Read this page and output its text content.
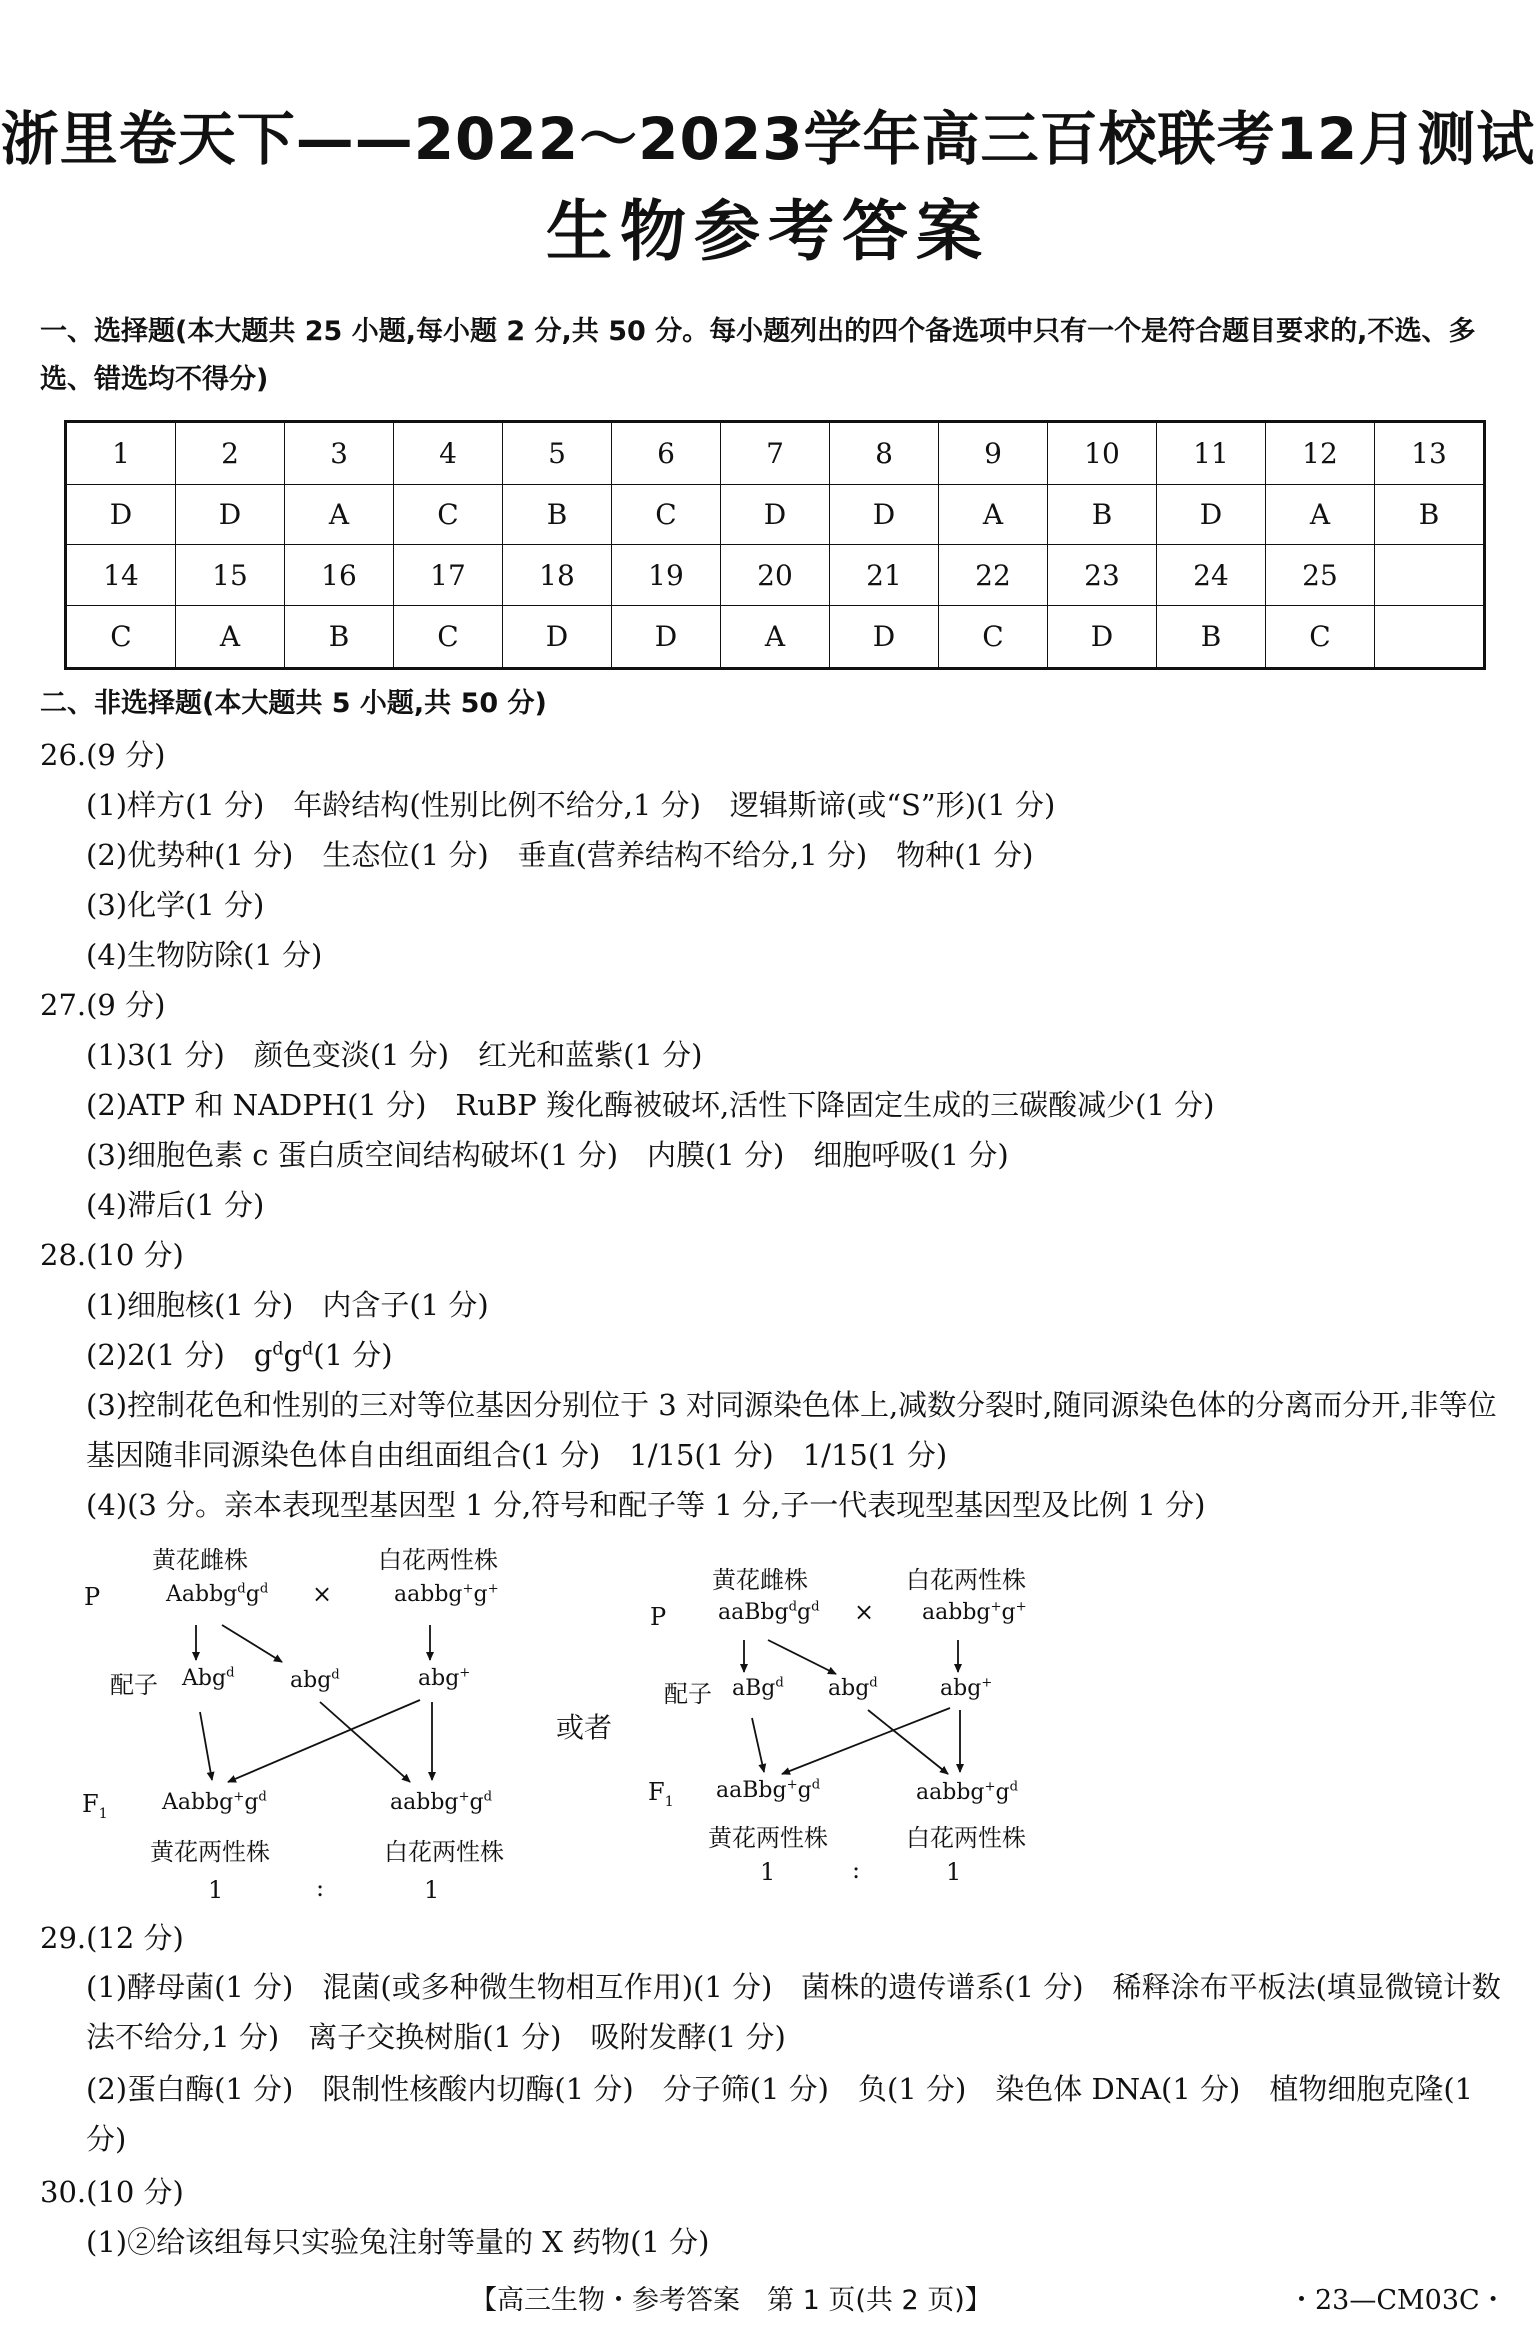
浙里卷天下——2022～2023学年高三百校联考12月测试
生物参考答案
一、选择题(本大题共 25 小题,每小题 2 分,共 50 分。每小题列出的四个备选项中只有一个是符合题目要求的,不选、多选、错选均不得分)
1	2	3	4	5	6	7	8	9	10	11	12	13
D	D	A	C	B	C	D	D	A	B	D	A	B
14	15	16	17	18	19	20	21	22	23	24	25	
C	A	B	C	D	D	A	D	C	D	B	C	
二、非选择题(本大题共 5 小题,共 50 分)
26.(9 分)
(1)样方(1 分)　年龄结构(性别比例不给分,1 分)　逻辑斯谛(或“S”形)(1 分)
(2)优势种(1 分)　生态位(1 分)　垂直(营养结构不给分,1 分)　物种(1 分)
(3)化学(1 分)
(4)生物防除(1 分)
27.(9 分)
(1)3(1 分)　颜色变淡(1 分)　红光和蓝紫(1 分)
(2)ATP 和 NADPH(1 分)　RuBP 羧化酶被破坏,活性下降固定生成的三碳酸减少(1 分)
(3)细胞色素 c 蛋白质空间结构破坏(1 分)　内膜(1 分)　细胞呼吸(1 分)
(4)滞后(1 分)
28.(10 分)
(1)细胞核(1 分)　内含子(1 分)
(2)2(1 分)　$g^dg^d(1$ 分)
(3)控制花色和性别的三对等位基因分别位于 3 对同源染色体上,减数分裂时,随同源染色体的分离而分开,非等位基因随非同源染色体自由组面组合(1 分)　1/15(1 分)　1/15(1 分)
(4)(3 分。亲本表现型基因型 1 分,符号和配子等 1 分,子一代表现型基因型及比例 1 分)
黄花雌株	白花两性株
P	$Aabbg^dg^d$ ×	aabbg+g+
配子 Abg$^d$	abg$^d$	abg+
$F_1$ $Aabbg^+g^d$	$aabbg^+g^d$
黄花两性株	白花两性株
1	:	1
或者
黄花雌株	白花两性株
P $aaBbg^dg^d$ × aabbg+g+
配子 aBg$^d$ abg$^d$	abg+
$F_1$ $aaBbg^+g^d$	$aabbg^+g^d$
黄花两性株	白花两性株
1	:	1
29.(12 分)
(1)酵母菌(1 分)　混菌(或多种微生物相互作用)(1 分)　菌株的遗传谱系(1 分)　稀释涂布平板法(填显微镜计数法不给分,1 分)　离子交换树脂(1 分)　吸附发酵(1 分)
(2)蛋白酶(1 分)　限制性核酸内切酶(1 分)　分子筛(1 分)　负(1 分)　染色体 DNA(1 分)　植物细胞克隆(1 分)
30.(10 分)
(1)②给该组每只实验兔注射等量的 X 药物(1 分)
【高三生物・参考答案　第 1 页(共 2 页)】	・23—CM03C・
